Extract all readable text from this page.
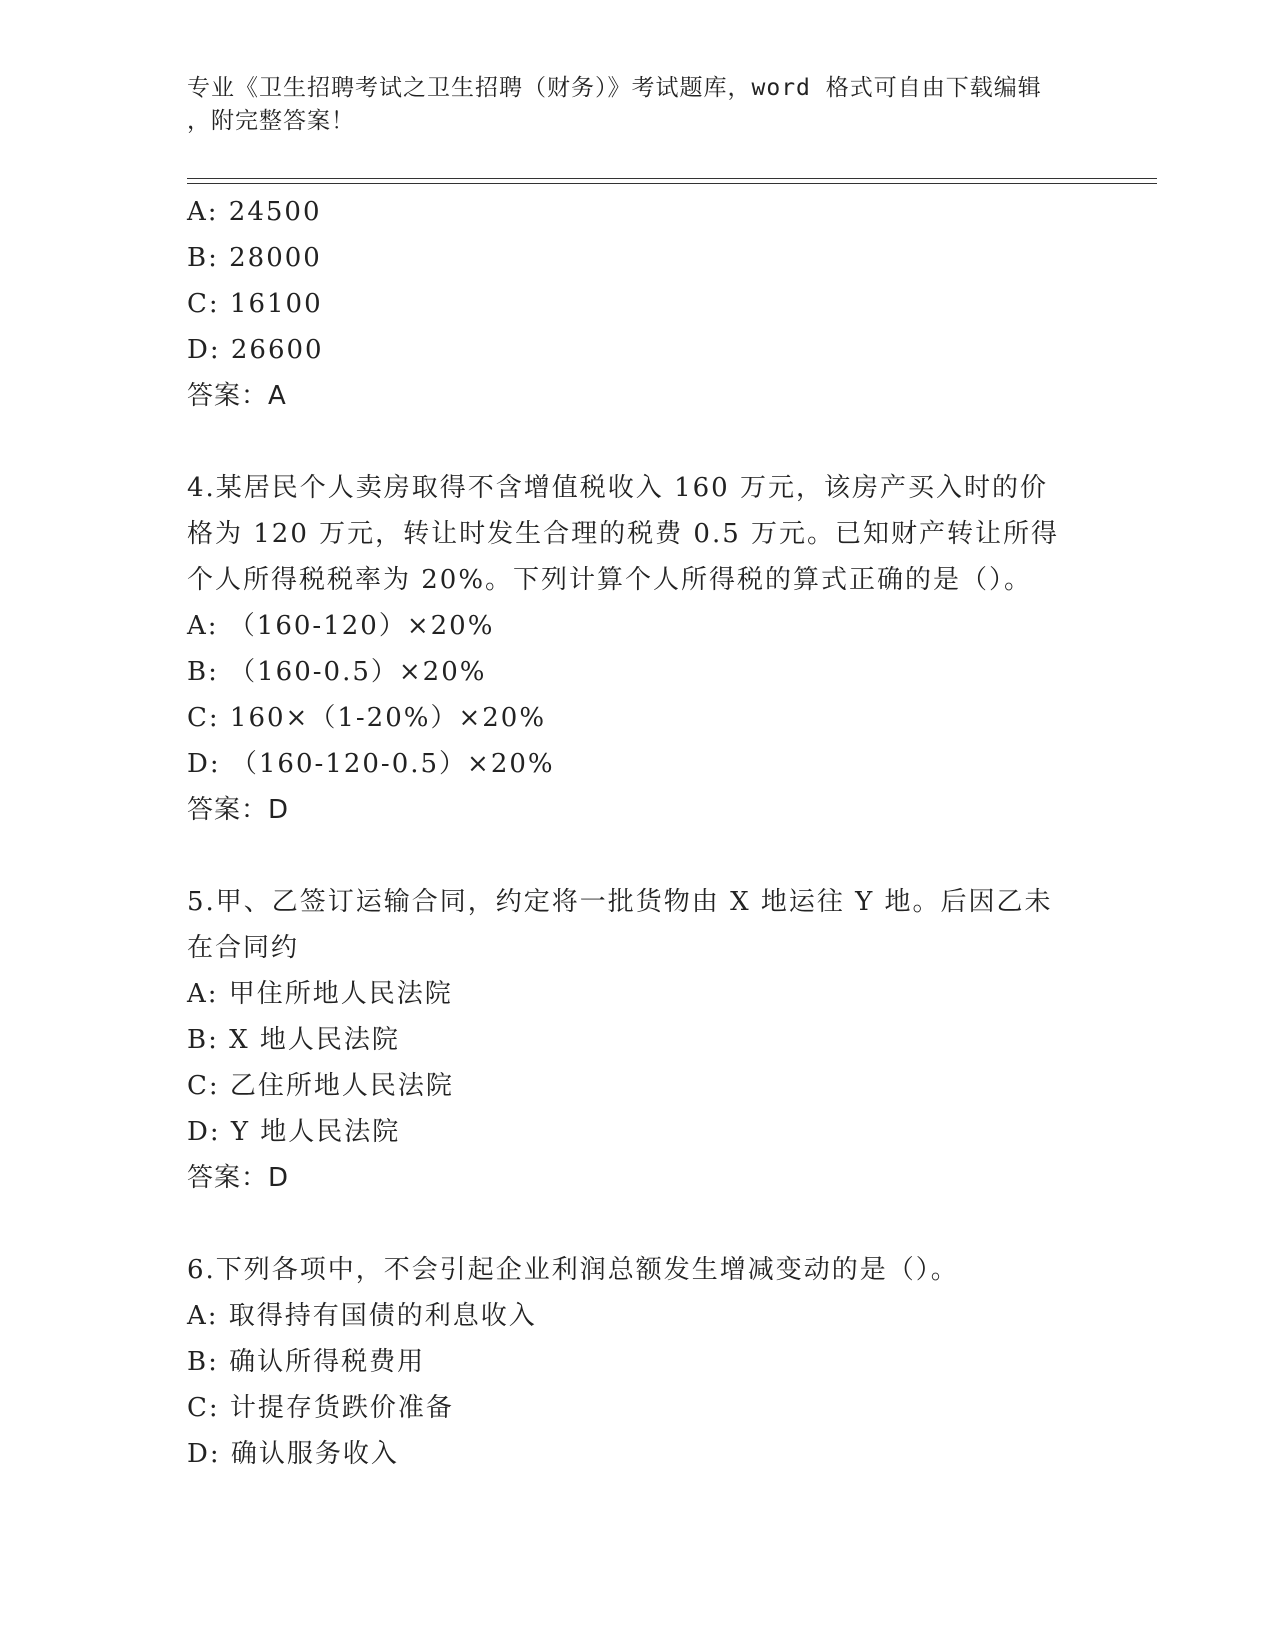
专业《卫生招聘考试之卫生招聘（财务）》考试题库，word 格式可自由下载编辑
，附完整答案！
A: 24500
B: 28000
C: 16100
D: 26600
答案：A
4.某居民个人卖房取得不含增值税收入 160 万元，该房产买入时的价
格为 120 万元，转让时发生合理的税费 0.5 万元。已知财产转让所得
个人所得税税率为 20%。下列计算个人所得税的算式正确的是（）。
A: （160-120）×20%
B: （160-0.5）×20%
C: 160×（1-20%）×20%
D: （160-120-0.5）×20%
答案：D
5.甲、乙签订运输合同，约定将一批货物由 X 地运往 Y 地。后因乙未
在合同约
A: 甲住所地人民法院
B: X 地人民法院
C: 乙住所地人民法院
D: Y 地人民法院
答案：D
6.下列各项中，不会引起企业利润总额发生增减变动的是（）。
A: 取得持有国债的利息收入
B: 确认所得税费用
C: 计提存货跌价准备
D: 确认服务收入
